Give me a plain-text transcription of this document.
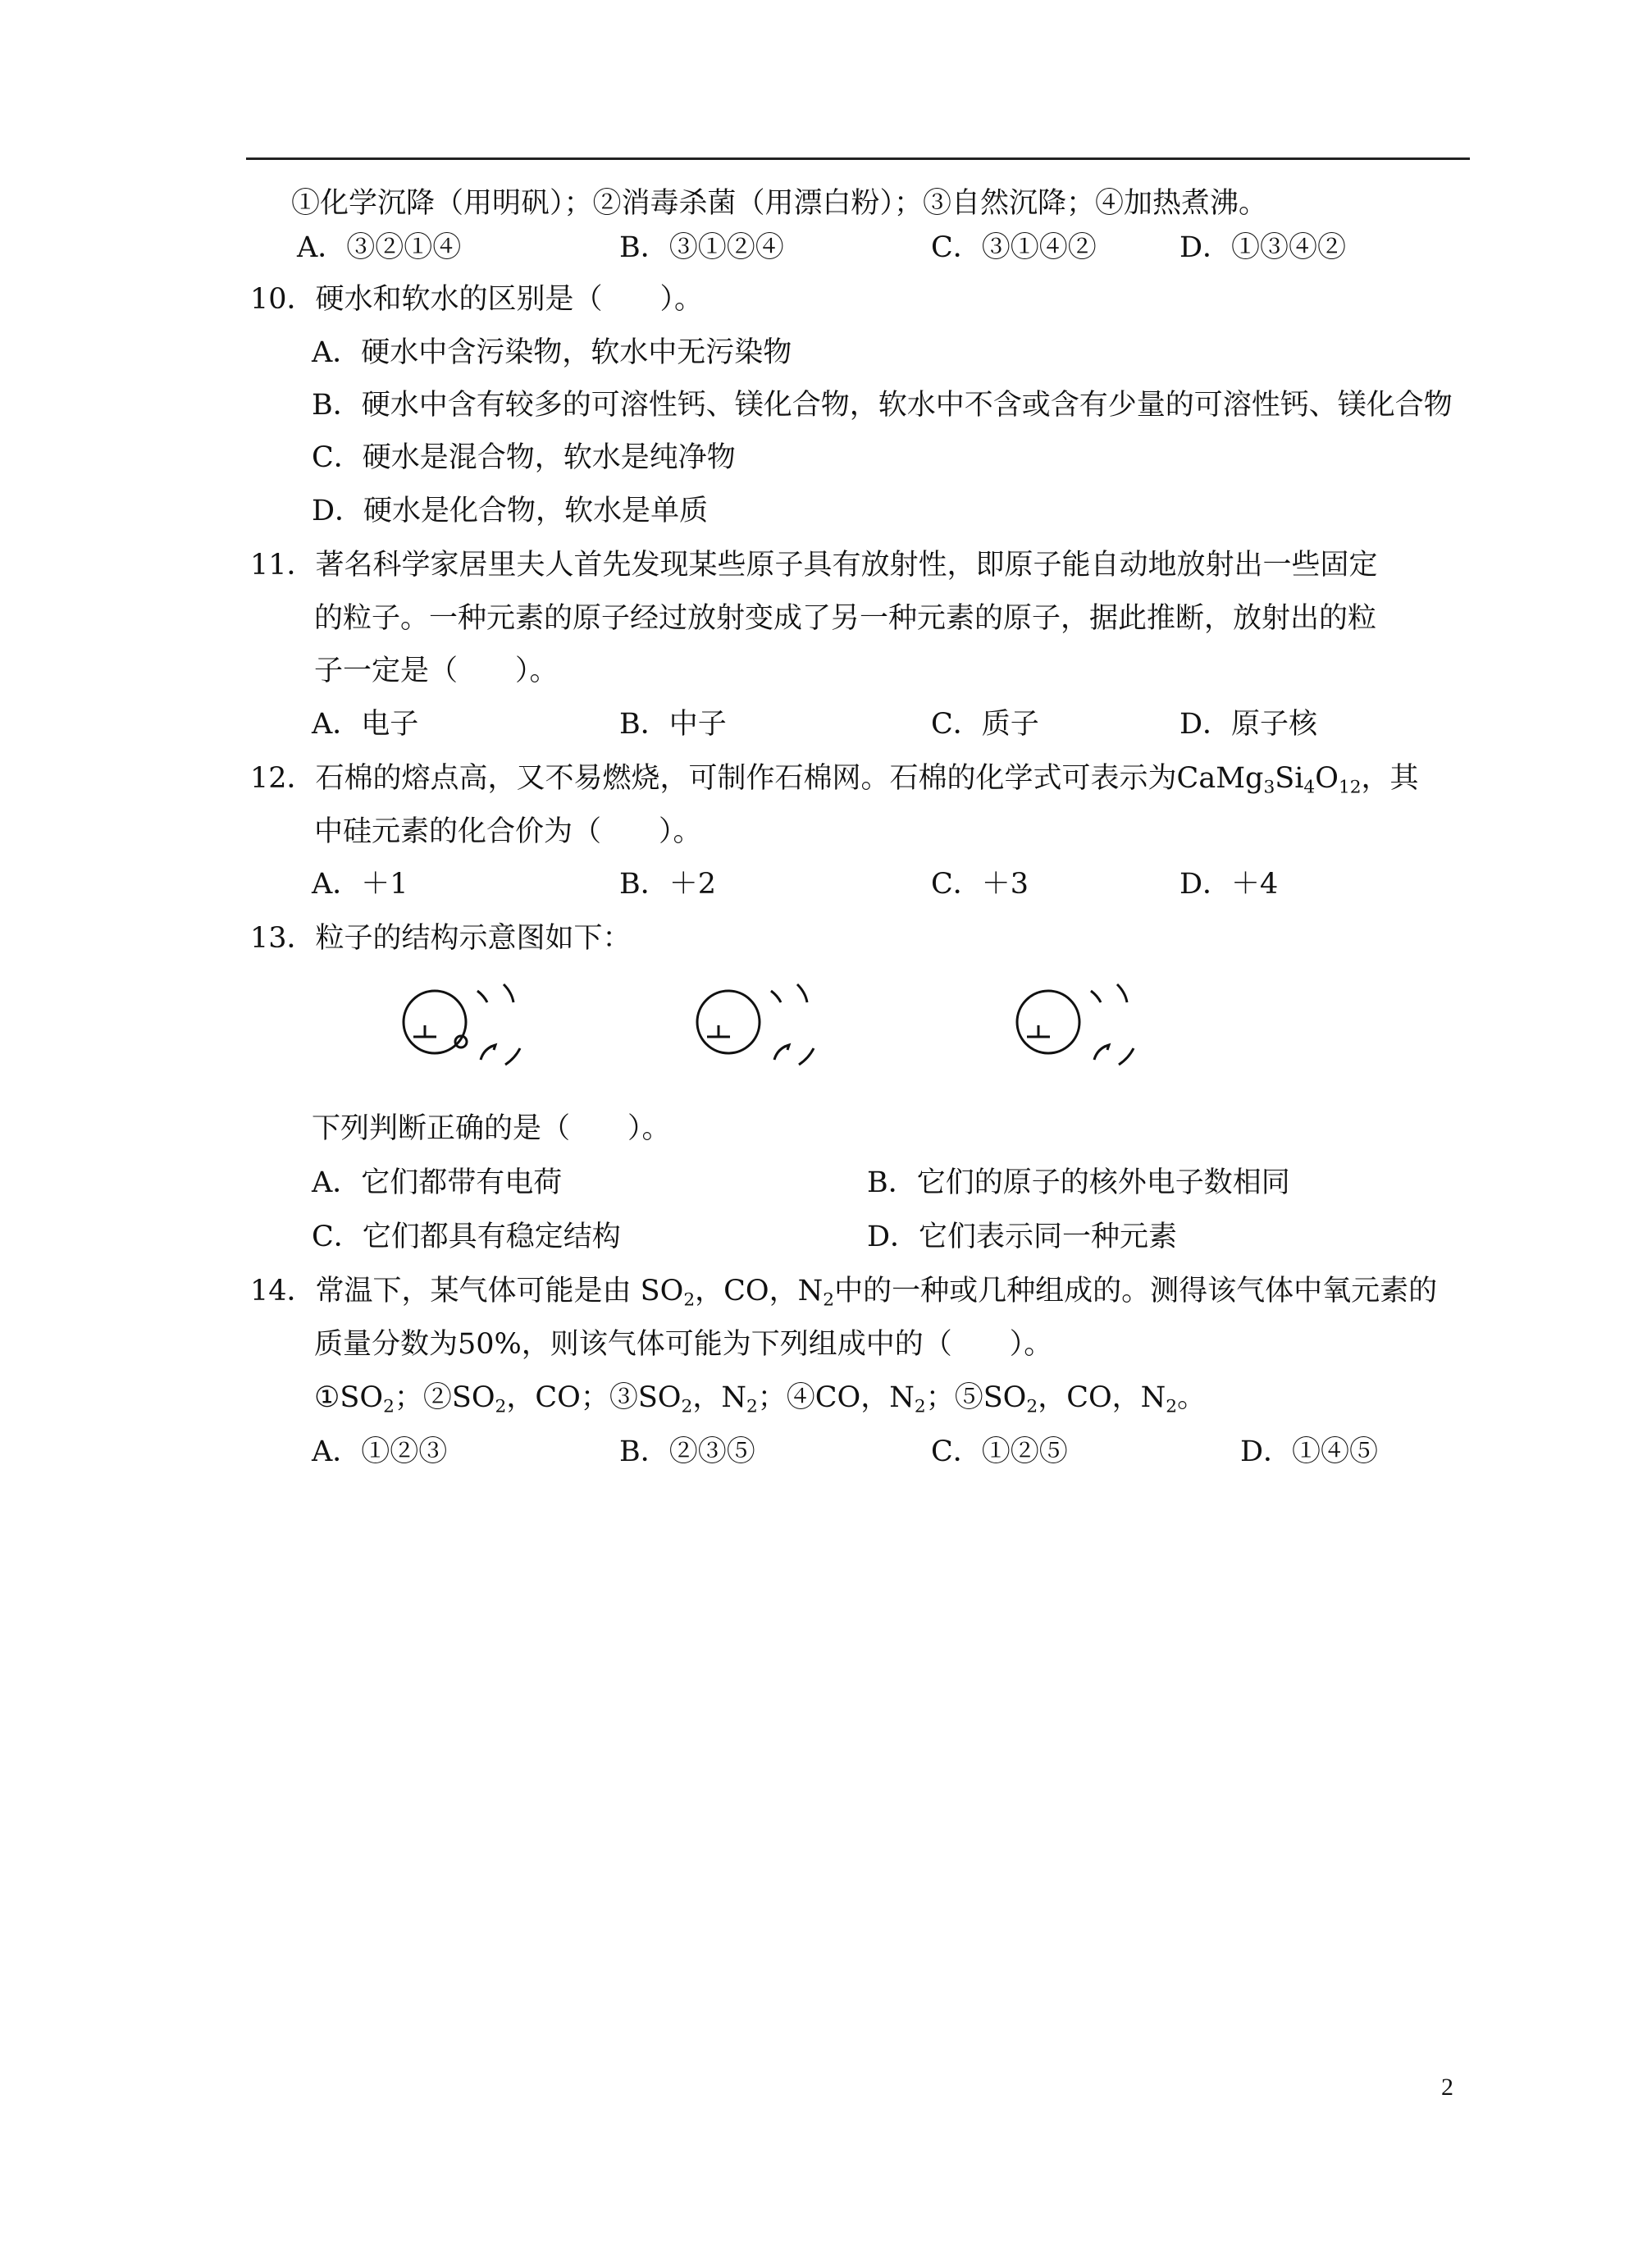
①化学沉降（用明矾）；②消毒杀菌（用漂白粉）；③自然沉降；④加热煮沸。
A．③②①④	B．③①②④	C．③①④②	D．①③④②
10．硬水和软水的区别是（　　）。
A．硬水中含污染物，软水中无污染物
B．硬水中含有较多的可溶性钙、镁化合物，软水中不含或含有少量的可溶性钙、镁化合物
C．硬水是混合物，软水是纯净物
D．硬水是化合物，软水是单质
11．著名科学家居里夫人首先发现某些原子具有放射性，即原子能自动地放射出一些固定
的粒子。一种元素的原子经过放射变成了另一种元素的原子，据此推断，放射出的粒
子一定是（　　）。
A．电子	B．中子	C．质子	D．原子核
12．石棉的熔点高，又不易燃烧，可制作石棉网。石棉的化学式可表示为$CaMg_3Si_4O_{12}$，其
中硅元素的化合价为（　　）。
A．＋1	B．＋2	C．＋3	D．＋4
13．粒子的结构示意图如下：
下列判断正确的是（　　）。
A．它们都带有电荷	B．它们的原子的核外电子数相同
C．它们都具有稳定结构	D．它们表示同一种元素
14．常温下，某气体可能是由 $SO_2$，CO，$N_2$中的一种或几种组成的。测得该气体中氧元素的
质量分数为50%，则该气体可能为下列组成中的（　　）。
$①SO_2$；$②SO_2$，CO；$③SO_2$，$N_2$；④CO，$N_2$；$⑤SO_2$，CO，$N_2$。
A．①②③	B．②③⑤	C．①②⑤	D．①④⑤
2
